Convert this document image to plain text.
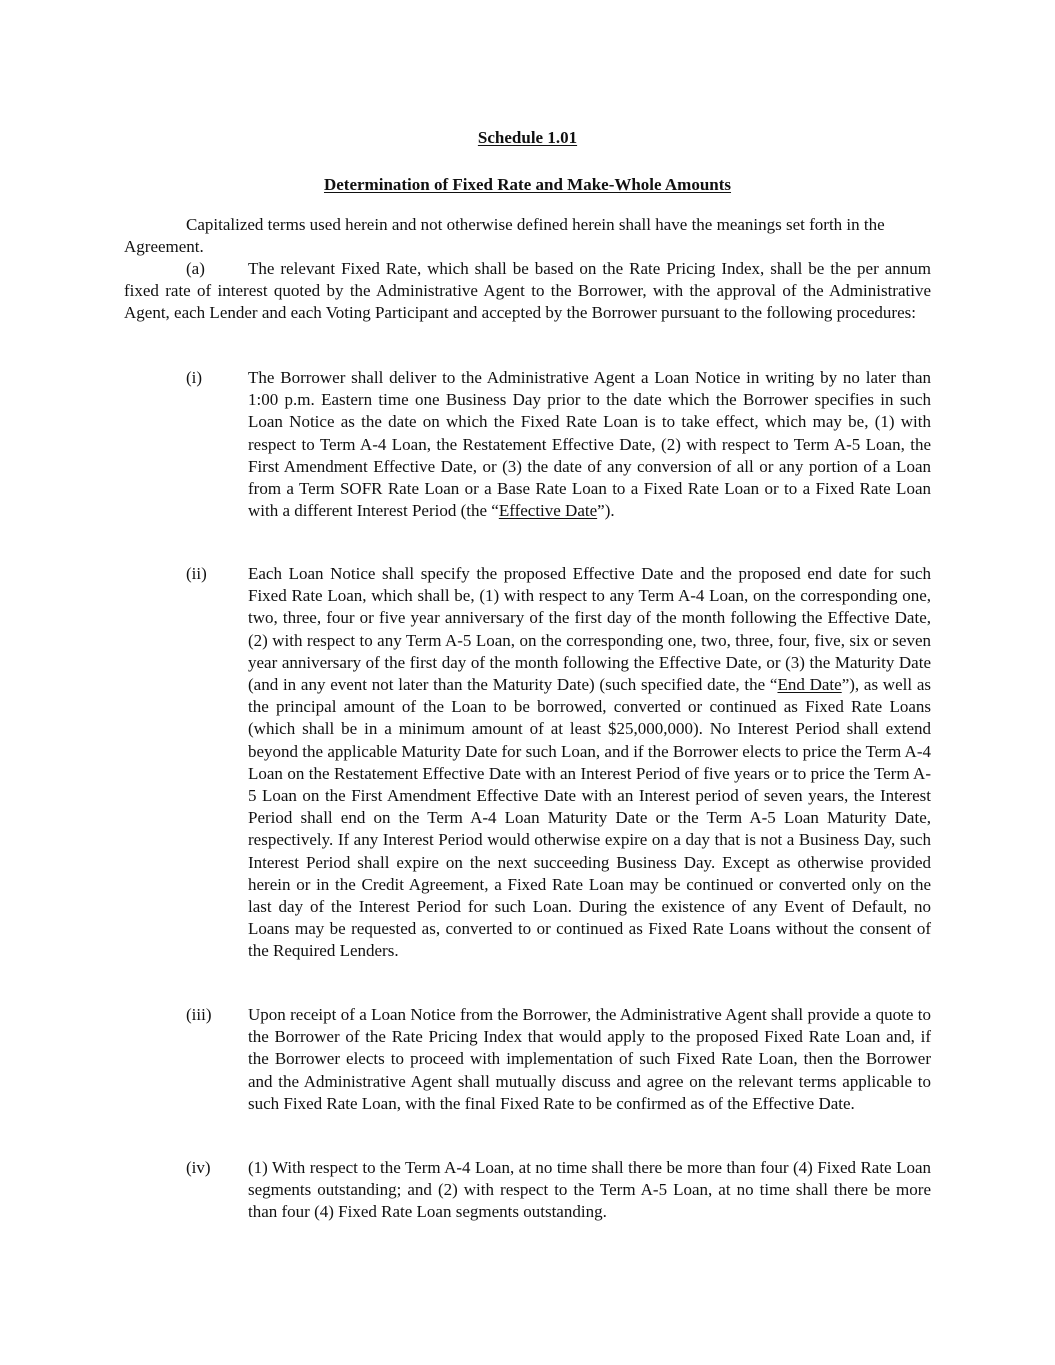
Schedule 1.01
Determination of Fixed Rate and Make-Whole Amounts
Capitalized terms used herein and not otherwise defined herein shall have the meanings set forth in the Agreement.
(a)	The relevant Fixed Rate, which shall be based on the Rate Pricing Index, shall be the per annum fixed rate of interest quoted by the Administrative Agent to the Borrower, with the approval of the Administrative Agent, each Lender and each Voting Participant and accepted by the Borrower pursuant to the following procedures:
(i)	The Borrower shall deliver to the Administrative Agent a Loan Notice in writing by no later than 1:00 p.m. Eastern time one Business Day prior to the date which the Borrower specifies in such Loan Notice as the date on which the Fixed Rate Loan is to take effect, which may be, (1) with respect to Term A-4 Loan, the Restatement Effective Date, (2) with respect to Term A-5 Loan, the First Amendment Effective Date, or (3) the date of any conversion of all or any portion of a Loan from a Term SOFR Rate Loan or a Base Rate Loan to a Fixed Rate Loan or to a Fixed Rate Loan with a different Interest Period (the “Effective Date”).
(ii) Each Loan Notice shall specify the proposed Effective Date and the proposed end date for such Fixed Rate Loan, which shall be, (1) with respect to any Term A-4 Loan, on the corresponding one, two, three, four or five year anniversary of the first day of the month following the Effective Date, (2) with respect to any Term A-5 Loan, on the corresponding one, two, three, four, five, six or seven year anniversary of the first day of the month following the Effective Date, or (3) the Maturity Date (and in any event not later than the Maturity Date) (such specified date, the “End Date”), as well as the principal amount of the Loan to be borrowed, converted or continued as Fixed Rate Loans (which shall be in a minimum amount of at least $25,000,000). No Interest Period shall extend beyond the applicable Maturity Date for such Loan, and if the Borrower elects to price the Term A-4 Loan on the Restatement Effective Date with an Interest Period of five years or to price the Term A-5 Loan on the First Amendment Effective Date with an Interest period of seven years, the Interest Period shall end on the Term A-4 Loan Maturity Date or the Term A-5 Loan Maturity Date, respectively. If any Interest Period would otherwise expire on a day that is not a Business Day, such Interest Period shall expire on the next succeeding Business Day. Except as otherwise provided herein or in the Credit Agreement, a Fixed Rate Loan may be continued or converted only on the last day of the Interest Period for such Loan. During the existence of any Event of Default, no Loans may be requested as, converted to or continued as Fixed Rate Loans without the consent of the Required Lenders.
(iii) Upon receipt of a Loan Notice from the Borrower, the Administrative Agent shall provide a quote to the Borrower of the Rate Pricing Index that would apply to the proposed Fixed Rate Loan and, if the Borrower elects to proceed with implementation of such Fixed Rate Loan, then the Borrower and the Administrative Agent shall mutually discuss and agree on the relevant terms applicable to such Fixed Rate Loan, with the final Fixed Rate to be confirmed as of the Effective Date.
(iv) (1) With respect to the Term A-4 Loan, at no time shall there be more than four (4) Fixed Rate Loan segments outstanding; and (2) with respect to the Term A-5 Loan, at no time shall there be more than four (4) Fixed Rate Loan segments outstanding.
